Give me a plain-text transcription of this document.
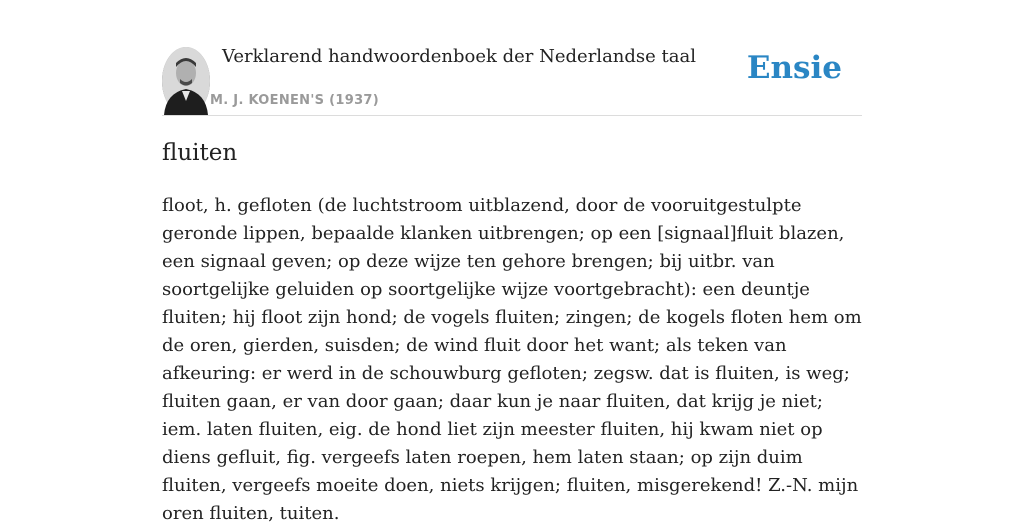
Verklarend handwoordenboek der Nederlandse taal
M. J. KOENEN'S (1937)
Ensie
fluiten

floot, h. gefloten (de luchtstroom uitblazend, door de vooruitgestulpte geronde lippen, bepaalde klanken uitbrengen; op een [signaal]fluit blazen, een signaal geven; op deze wijze ten gehore brengen; bij uitbr. van soortgelijke geluiden op soortgelijke wijze voortgebracht): een deuntje fluiten; hij floot zijn hond; de vogels fluiten; zingen; de kogels floten hem om de oren, gierden, suisden; de wind fluit door het want; als teken van afkeuring: er werd in de schouwburg gefloten; zegsw. dat is fluiten, is weg; fluiten gaan, er van door gaan; daar kun je naar fluiten, dat krijg je niet; iem. laten fluiten, eig. de hond liet zijn meester fluiten, hij kwam niet op diens gefluit, fig. vergeefs laten roepen, hem laten staan; op zijn duim fluiten, vergeefs moeite doen, niets krijgen; fluiten, misgerekend! Z.-N. mijn oren fluiten, tuiten.
